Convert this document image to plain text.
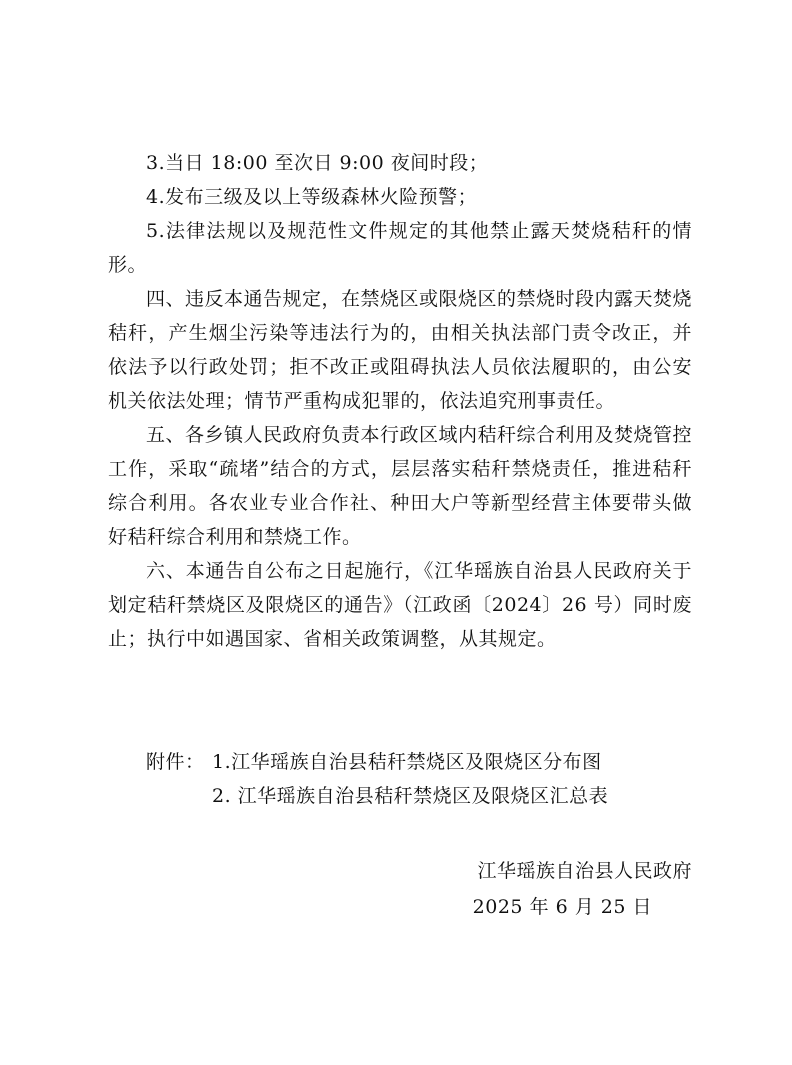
3.当日 18:00 至次日 9:00 夜间时段；

4.发布三级及以上等级森林火险预警；

5.法律法规以及规范性文件规定的其他禁止露天焚烧秸秆的情形。

四、违反本通告规定，在禁烧区或限烧区的禁烧时段内露天焚烧秸秆，产生烟尘污染等违法行为的，由相关执法部门责令改正，并依法予以行政处罚；拒不改正或阻碍执法人员依法履职的，由公安机关依法处理；情节严重构成犯罪的，依法追究刑事责任。

五、各乡镇人民政府负责本行政区域内秸秆综合利用及焚烧管控工作，采取“疏堵”结合的方式，层层落实秸秆禁烧责任，推进秸秆综合利用。各农业专业合作社、种田大户等新型经营主体要带头做好秸秆综合利用和禁烧工作。

六、本通告自公布之日起施行，《江华瑶族自治县人民政府关于划定秸秆禁烧区及限烧区的通告》（江政函〔2024〕26 号）同时废止；执行中如遇国家、省相关政策调整，从其规定。

附件： 1.江华瑶族自治县秸秆禁烧区及限烧区分布图
2. 江华瑶族自治县秸秆禁烧区及限烧区汇总表
江华瑶族自治县人民政府
2025 年 6 月 25 日
